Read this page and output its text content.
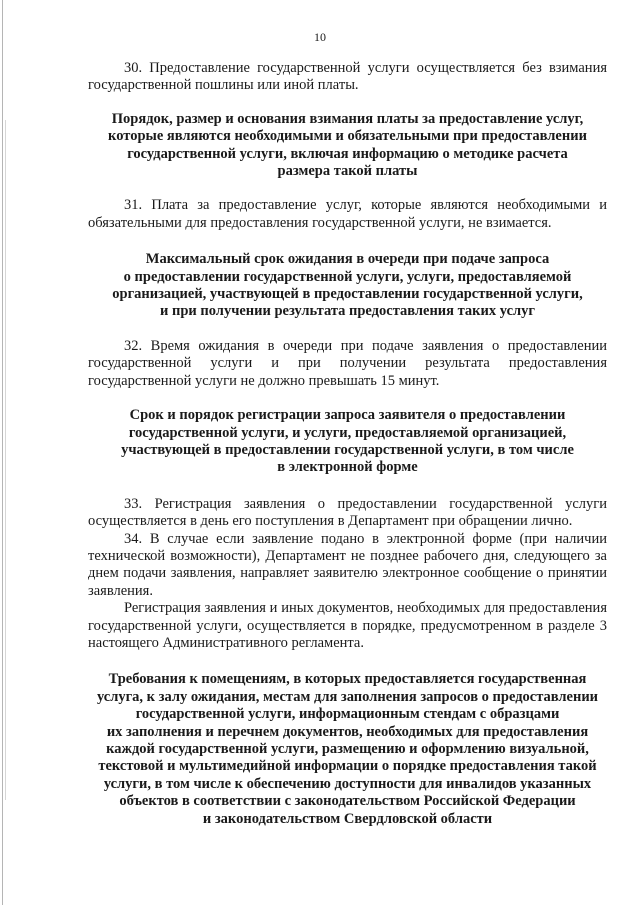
10

30. Предоставление государственной услуги осуществляется без взимания государственной пошлины или иной платы.

Порядок, размер и основания взимания платы за предоставление услуг,

которые являются необходимыми и обязательными при предоставлении

государственной услуги, включая информацию о методике расчета

размера такой платы

31. Плата за предоставление услуг, которые являются необходимыми и обязательными для предоставления государственной услуги, не взимается.

Максимальный срок ожидания в очереди при подаче запроса

о предоставлении государственной услуги, услуги, предоставляемой

организацией, участвующей в предоставлении государственной услуги,

и при получении результата предоставления таких услуг

32. Время ожидания в очереди при подаче заявления о предоставлении государственной услуги и при получении результата предоставления государственной услуги не должно превышать 15 минут.

Срок и порядок регистрации запроса заявителя о предоставлении

государственной услуги, и услуги, предоставляемой организацией,

участвующей в предоставлении государственной услуги, в том числе

в электронной форме

33. Регистрация заявления о предоставлении государственной услуги осуществляется в день его поступления в Департамент при обращении лично.

34. В случае если заявление подано в электронной форме (при наличии технической возможности), Департамент не позднее рабочего дня, следующего за днем подачи заявления, направляет заявителю электронное сообщение о принятии заявления.

Регистрация заявления и иных документов, необходимых для предоставления государственной услуги, осуществляется в порядке, предусмотренном в разделе 3 настоящего Административного регламента.

Требования к помещениям, в которых предоставляется государственная

услуга, к залу ожидания, местам для заполнения запросов о предоставлении

государственной услуги, информационным стендам с образцами

их заполнения и перечнем документов, необходимых для предоставления

каждой государственной услуги, размещению и оформлению визуальной,

текстовой и мультимедийной информации о порядке предоставления такой

услуги, в том числе к обеспечению доступности для инвалидов указанных

объектов в соответствии с законодательством Российской Федерации

и законодательством Свердловской области
